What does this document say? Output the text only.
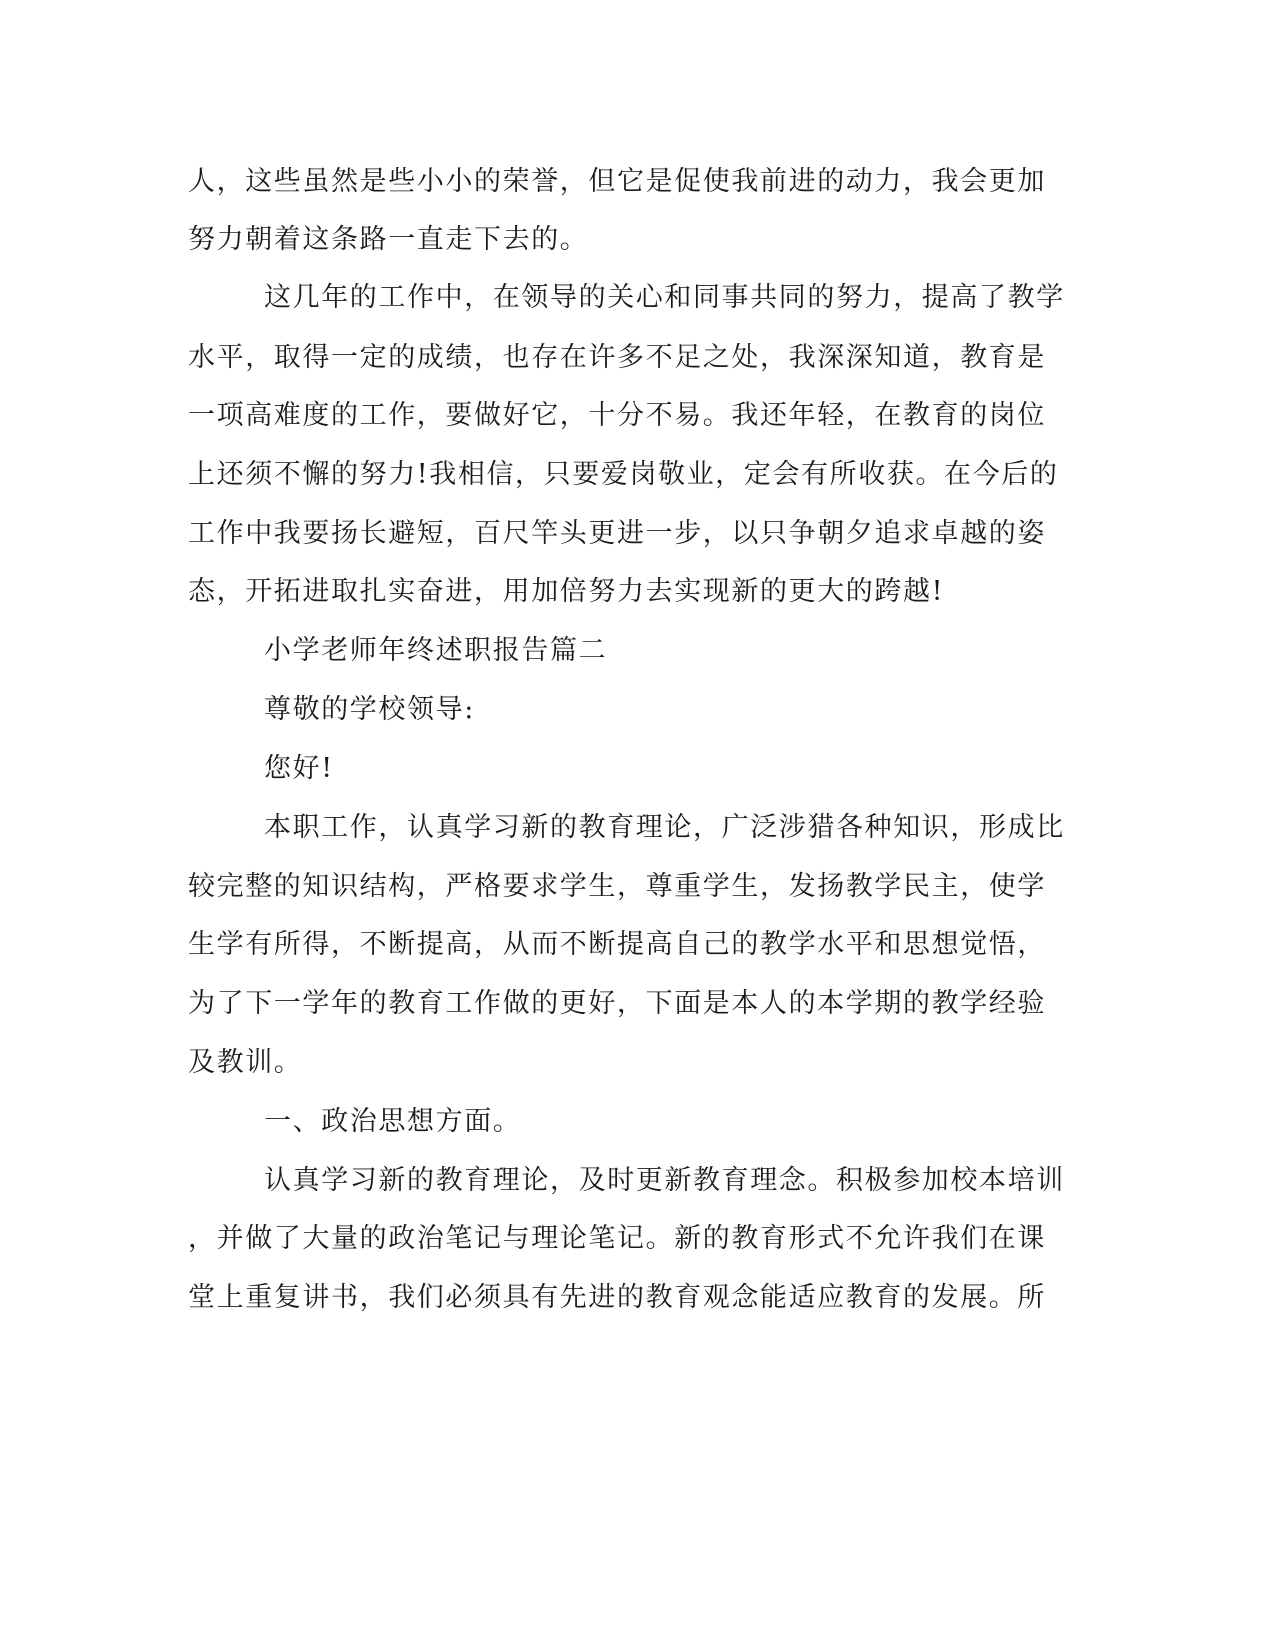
人，这些虽然是些小小的荣誉，但它是促使我前进的动力，我会更加
努力朝着这条路一直走下去的。
这几年的工作中，在领导的关心和同事共同的努力，提高了教学
水平，取得一定的成绩，也存在许多不足之处，我深深知道，教育是
一项高难度的工作，要做好它，十分不易。我还年轻，在教育的岗位
上还须不懈的努力!我相信，只要爱岗敬业，定会有所收获。在今后的
工作中我要扬长避短，百尺竿头更进一步，以只争朝夕追求卓越的姿
态，开拓进取扎实奋进，用加倍努力去实现新的更大的跨越!
小学老师年终述职报告篇二
尊敬的学校领导:
您好!
本职工作，认真学习新的教育理论，广泛涉猎各种知识，形成比
较完整的知识结构，严格要求学生，尊重学生，发扬教学民主，使学
生学有所得，不断提高，从而不断提高自己的教学水平和思想觉悟，
为了下一学年的教育工作做的更好，下面是本人的本学期的教学经验
及教训。
一、政治思想方面。
认真学习新的教育理论，及时更新教育理念。积极参加校本培训
，并做了大量的政治笔记与理论笔记。新的教育形式不允许我们在课
堂上重复讲书，我们必须具有先进的教育观念能适应教育的发展。所
